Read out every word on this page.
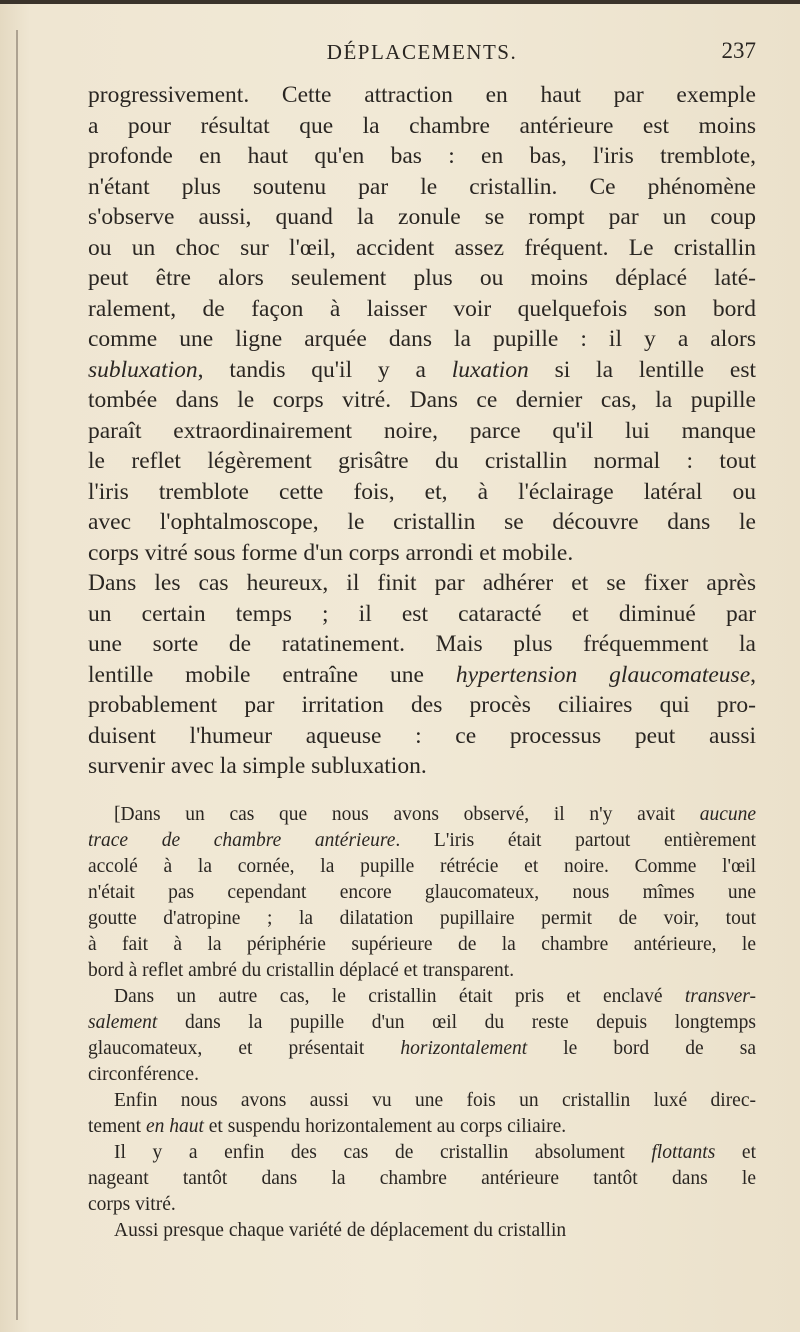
DÉPLACEMENTS.	237
progressivement. Cette attraction en haut par exemple
a pour résultat que la chambre antérieure est moins
profonde en haut qu'en bas : en bas, l'iris tremblote,
n'étant plus soutenu par le cristallin. Ce phénomène
s'observe aussi, quand la zonule se rompt par un coup
ou un choc sur l'œil, accident assez fréquent. Le cristallin
peut être alors seulement plus ou moins déplacé laté-
ralement, de façon à laisser voir quelquefois son bord
comme une ligne arquée dans la pupille : il y a alors
subluxation, tandis qu'il y a luxation si la lentille est
tombée dans le corps vitré. Dans ce dernier cas, la pupille
paraît extraordinairement noire, parce qu'il lui manque
le reflet légèrement grisâtre du cristallin normal : tout
l'iris tremblote cette fois, et, à l'éclairage latéral ou
avec l'ophtalmoscope, le cristallin se découvre dans le
corps vitré sous forme d'un corps arrondi et mobile.
Dans les cas heureux, il finit par adhérer et se fixer après
un certain temps ; il est cataracté et diminué par
une sorte de ratatinement. Mais plus fréquemment la
lentille mobile entraîne une hypertension glaucomateuse,
probablement par irritation des procès ciliaires qui pro-
duisent l'humeur aqueuse : ce processus peut aussi
survenir avec la simple subluxation.
[Dans un cas que nous avons observé, il n'y avait aucune
trace de chambre antérieure. L'iris était partout entièrement
accolé à la cornée, la pupille rétrécie et noire. Comme l'œil
n'était pas cependant encore glaucomateux, nous mîmes une
goutte d'atropine ; la dilatation pupillaire permit de voir, tout
à fait à la périphérie supérieure de la chambre antérieure, le
bord à reflet ambré du cristallin déplacé et transparent.
Dans un autre cas, le cristallin était pris et enclavé transver-
salement dans la pupille d'un œil du reste depuis longtemps
glaucomateux, et présentait horizontalement le bord de sa
circonférence.
Enfin nous avons aussi vu une fois un cristallin luxé direc-
tement en haut et suspendu horizontalement au corps ciliaire.
Il y a enfin des cas de cristallin absolument flottants et
nageant tantôt dans la chambre antérieure tantôt dans le
corps vitré.
Aussi presque chaque variété de déplacement du cristallin
